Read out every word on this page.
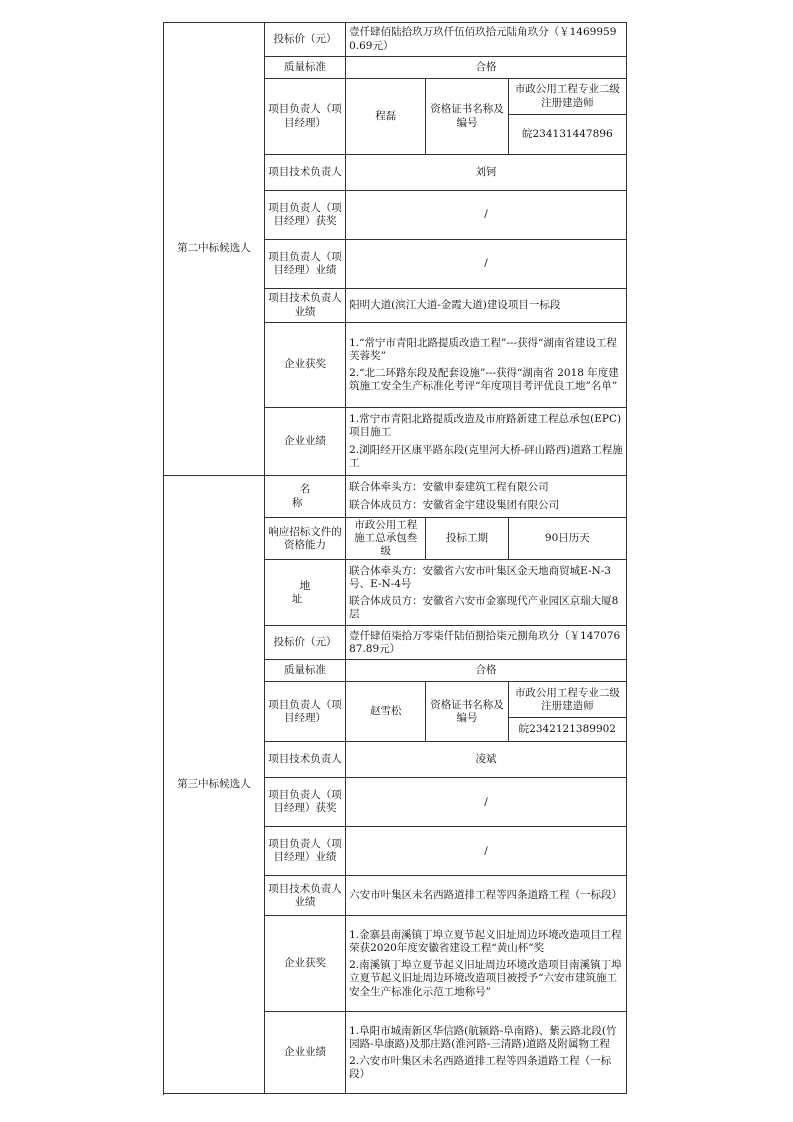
第二中标候选人	投标价（元）	壹仟肆佰陆拾玖万玖仟伍佰玖拾元陆角玖分（￥14699590.69元）		
	质量标准	合格		
	项目负责人（项目经理）	程磊	资格证书名称及编号	市政公用工程专业二级注册建造师
				皖234131447896
	项目技术负责人	刘钶		
	项目负责人（项目经理）获奖	/		
	项目负责人（项目经理）业绩	/		
	项目技术负责人业绩	阳明大道(滨江大道-金霞大道)建设项目一标段		
	企业获奖	1.“常宁市青阳北路提质改造工程”---获得“湖南省建设工程芙蓉奖”
2.“北二环路东段及配套设施”---获得“湖南省 2018 年度建筑施工安全生产标准化考评“年度项目考评优良工地”名单”		

	企业业绩	1.常宁市青阳北路提质改造及市府路新建工程总承包(EPC)项目施工
2.浏阳经开区康平路东段(克里河大桥-砰山路西)道路工程施工		

第三中标候选人	名 称	联合体牵头方：安徽申泰建筑工程有限公司
联合体成员方：安徽省金宇建设集团有限公司		

	响应招标文件的资格能力	市政公用工程施工总承包叁级	投标工期	90日历天
	地 址	联合体牵头方：安徽省六安市叶集区金天地商贸城E-N-3号、E-N-4号
联合体成员方：安徽省六安市金寨现代产业园区京瑞大厦8层		

	投标价（元）	壹仟肆佰柒拾万零柒仟陆佰捌拾柒元捌角玖分（￥14707687.89元）		
	质量标准	合格		
	项目负责人（项目经理）	赵雪松	资格证书名称及编号	市政公用工程专业二级注册建造师
				皖2342121389902
	项目技术负责人	凌斌		
	项目负责人（项目经理）获奖	/		
	项目负责人（项目经理）业绩	/		
	项目技术负责人业绩	六安市叶集区未名西路道排工程等四条道路工程（一标段）		
	企业获奖	1.金寨县南溪镇丁埠立夏节起义旧址周边环境改造项目工程荣获2020年度安徽省建设工程“黄山杯”奖
2.南溪镇丁埠立夏节起义旧址周边环境改造项目南溪镇丁埠立夏节起义旧址周边环境改造项目被授予“六安市建筑施工安全生产标准化示范工地称号”		

	企业业绩	1.阜阳市城南新区华信路(航颍路-阜南路)、紫云路北段(竹园路-阜康路)及那庄路(淮河路-三清路)道路及附属物工程
2.六安市叶集区未名西路道排工程等四条道路工程（一标段）		
